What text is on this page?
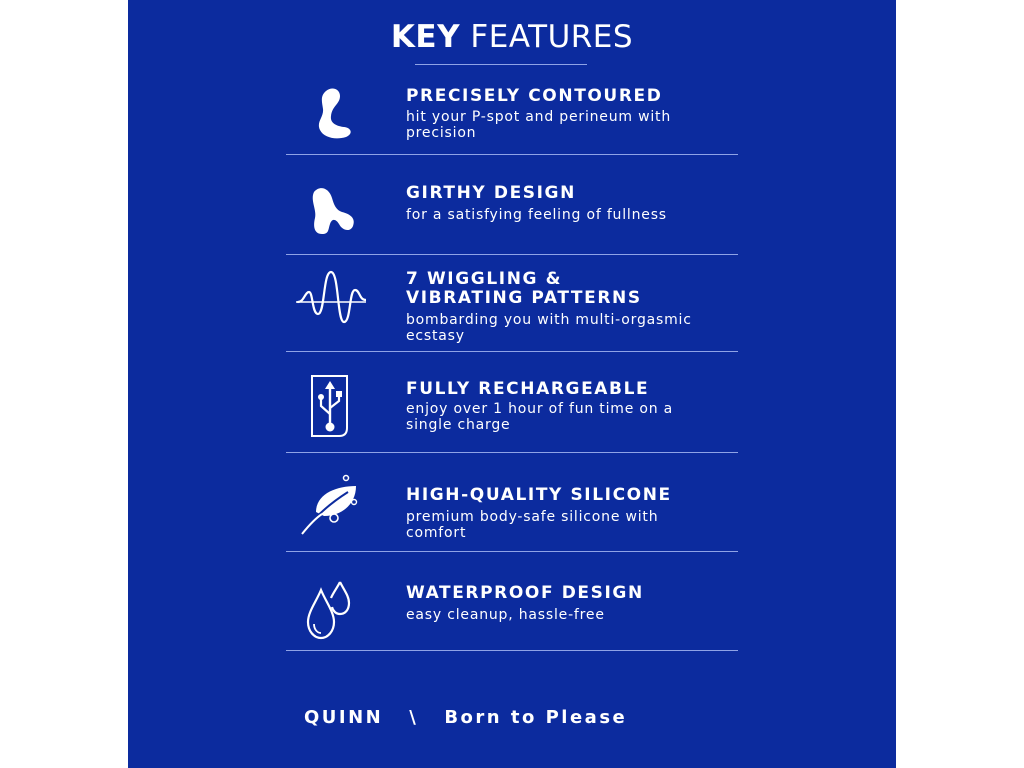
KEY FEATURES
PRECISELY CONTOURED
hit your P-spot and perineum with precision
GIRTHY DESIGN
for a satisfying feeling of fullness
7 WIGGLING &
VIBRATING PATTERNS
bombarding you with multi-orgasmic ecstasy
FULLY RECHARGEABLE
enjoy over 1 hour of fun time on a single charge
HIGH-QUALITY SILICONE
premium body-safe silicone with comfort
WATERPROOF DESIGN
easy cleanup, hassle-free
QUINN \ Born to Please
